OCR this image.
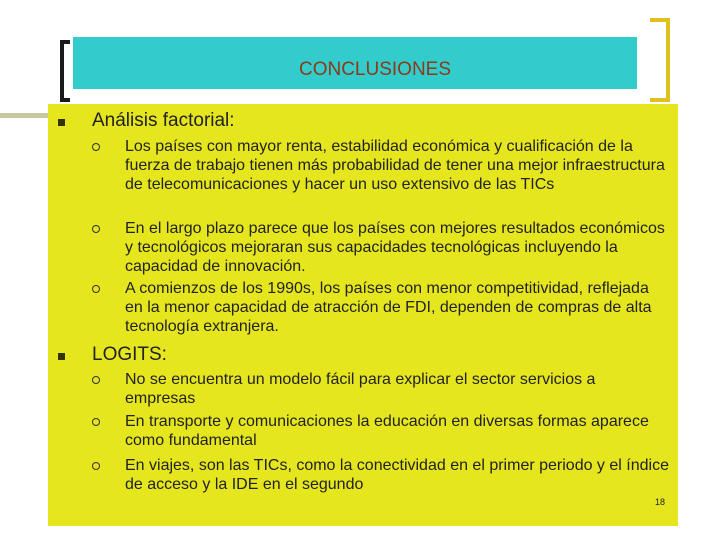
CONCLUSIONES
Análisis factorial:
Los países con mayor renta, estabilidad económica y cualificación de la fuerza de trabajo tienen más probabilidad de tener una mejor infraestructura de telecomunicaciones y hacer un uso extensivo de las TICs
En el largo plazo parece que los países con mejores resultados económicos y tecnológicos mejoraran sus capacidades tecnológicas incluyendo la capacidad de innovación.
A comienzos de los 1990s, los países con menor competitividad, reflejada en la menor capacidad de atracción de FDI, dependen de compras de alta tecnología extranjera.
LOGITS:
No se encuentra un modelo fácil para explicar el sector servicios a empresas
En transporte y comunicaciones la educación en diversas formas aparece como fundamental
En viajes, son las TICs, como la conectividad en el primer periodo y el índice de acceso y la IDE en el segundo
18
